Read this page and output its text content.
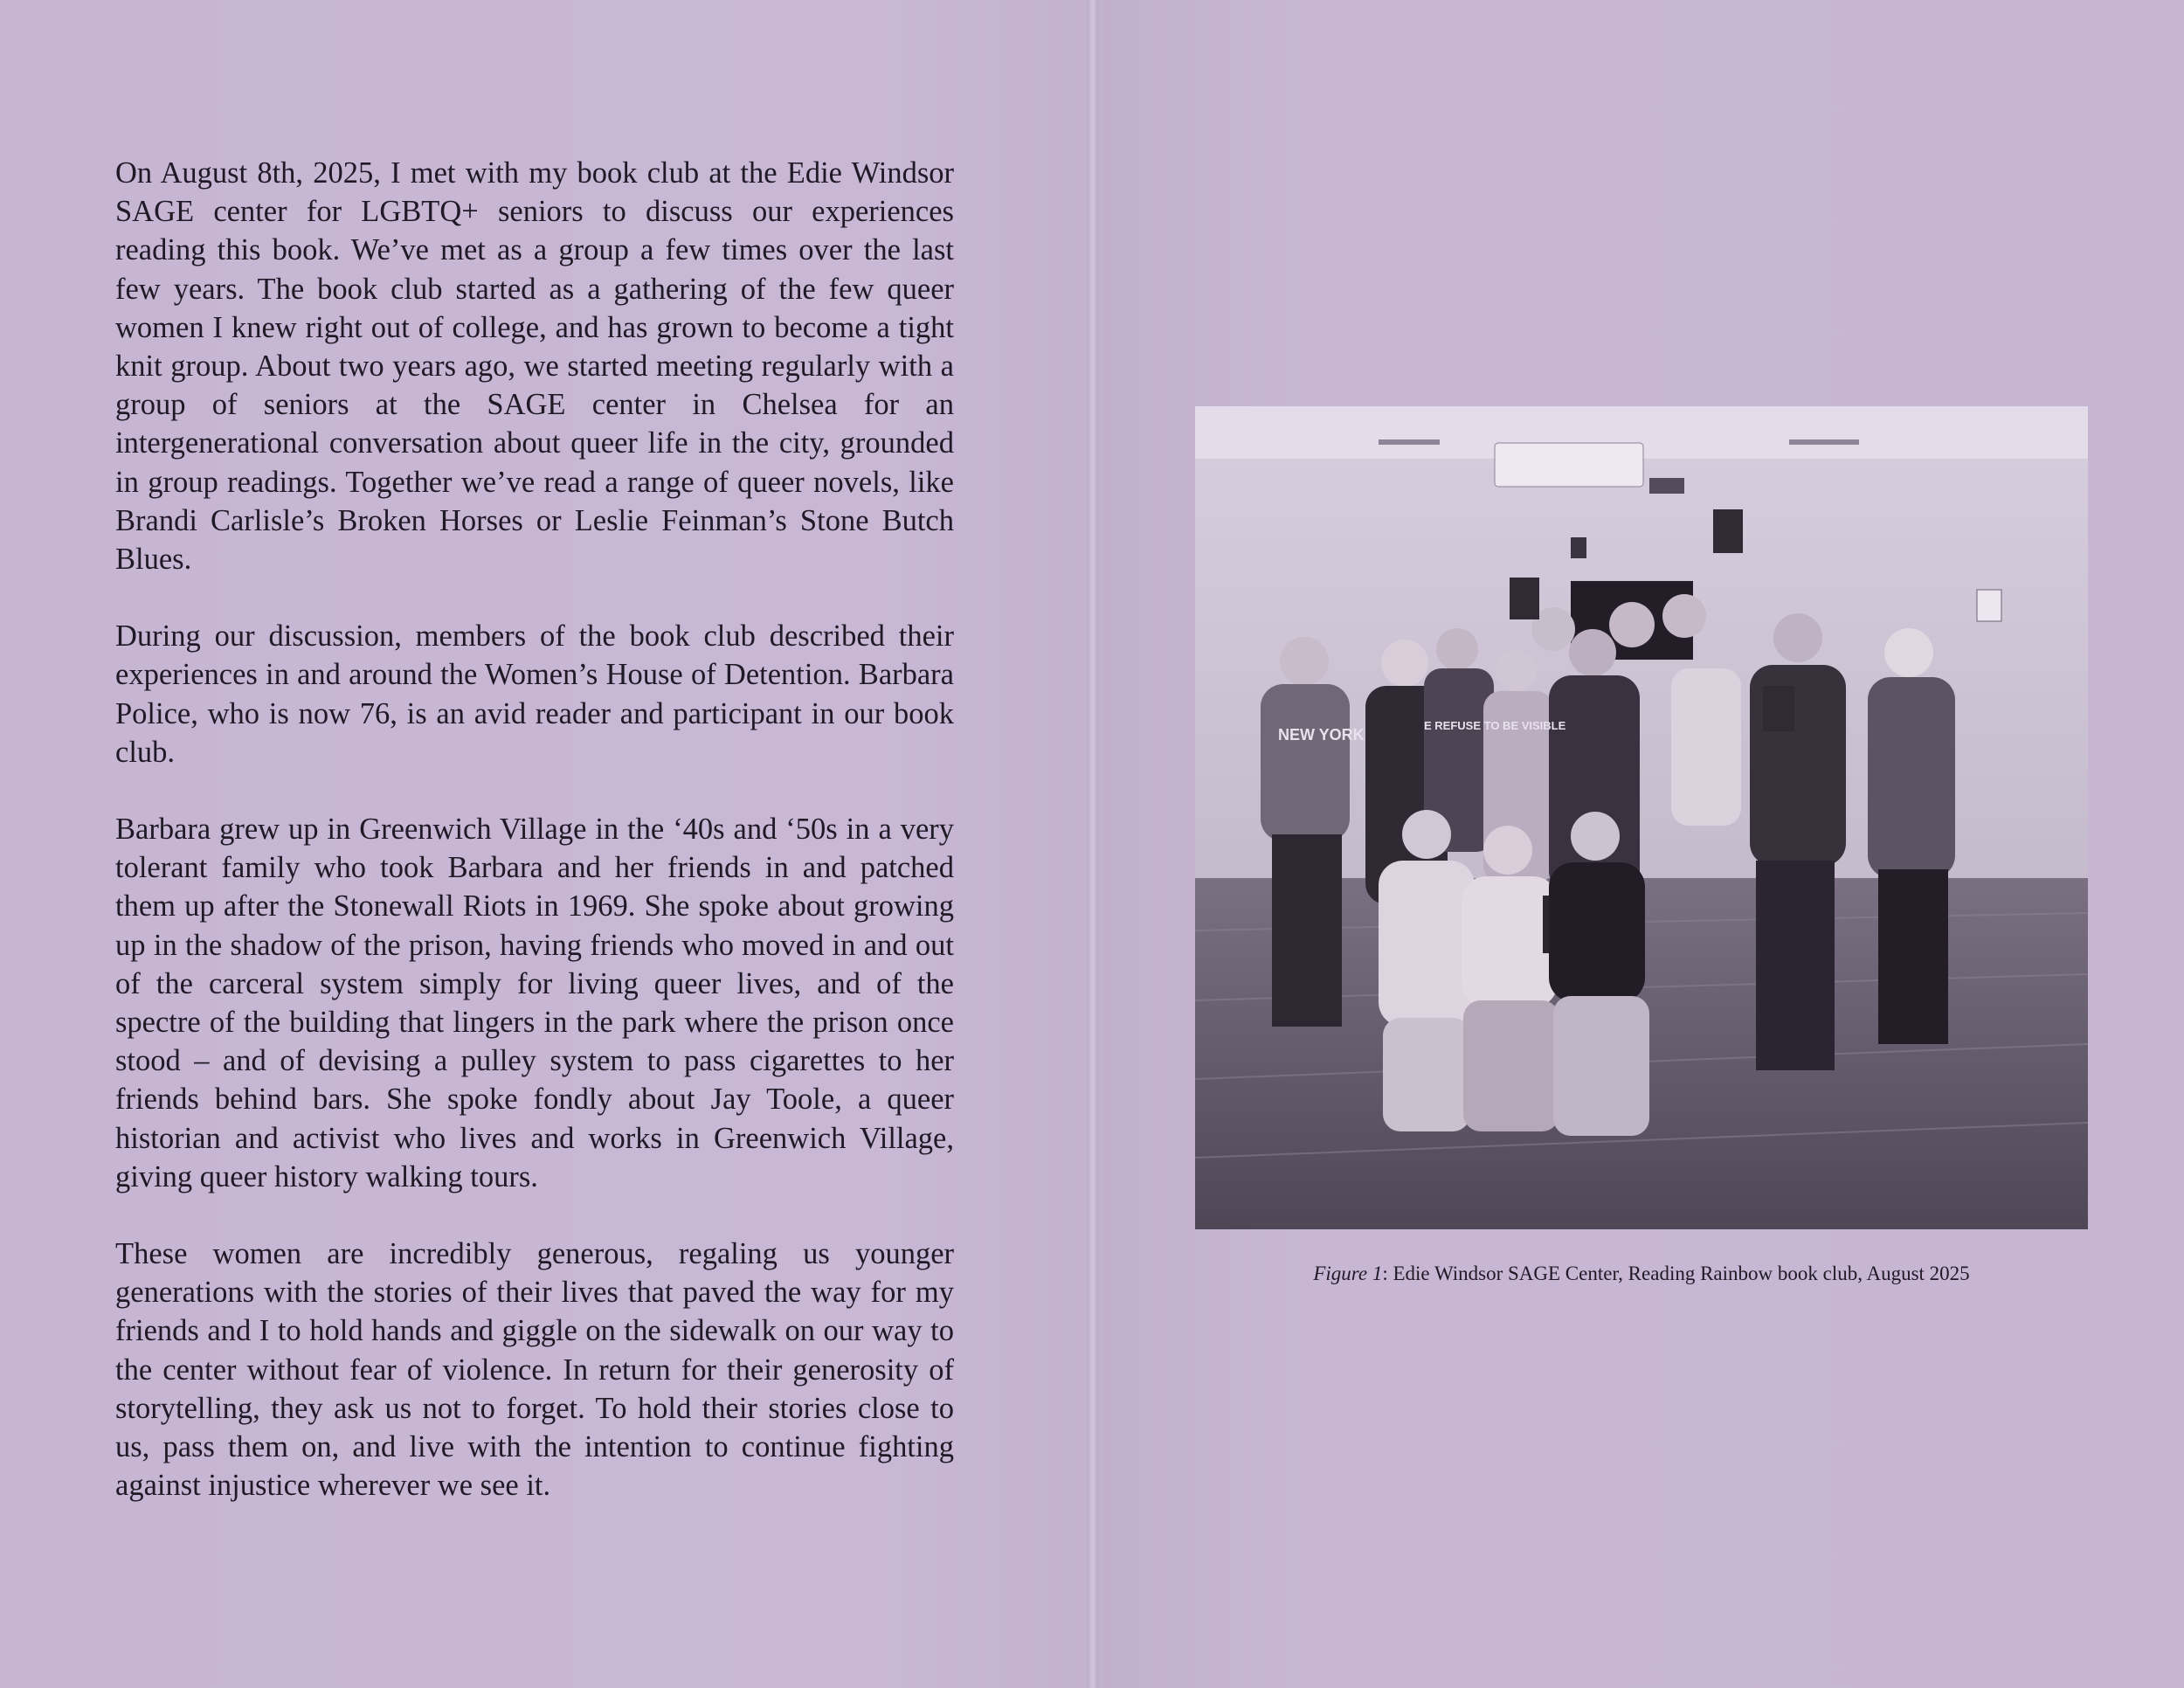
On August 8th, 2025, I met with my book club at the Edie Windsor SAGE center for LGBTQ+ seniors to discuss our experiences reading this book. We’ve met as a group a few times over the last few years. The book club started as a gathering of the few queer women I knew right out of college, and has grown to become a tight knit group. About two years ago, we started meeting regularly with a group of seniors at the SAGE center in Chelsea for an intergenerational conversation about queer life in the city, grounded in group readings. Together we’ve read a range of queer novels, like Brandi Carlisle’s Broken Horses or Leslie Feinman’s Stone Butch Blues.

During our discussion, members of the book club described their experiences in and around the Women’s House of Detention. Barbara Police, who is now 76, is an avid reader and participant in our book club.

Barbara grew up in Greenwich Village in the ‘40s and ‘50s in a very tolerant family who took Barbara and her friends in and patched them up after the Stonewall Riots in 1969. She spoke about growing up in the shadow of the prison, having friends who moved in and out of the carceral system simply for living queer lives, and of the spectre of the building that lingers in the park where the prison once stood – and of devising a pulley system to pass cigarettes to her friends behind bars. She spoke fondly about Jay Toole, a queer historian and activist who lives and works in Greenwich Village, giving queer history walking tours.

These women are incredibly generous, regaling us younger generations with the stories of their lives that paved the way for my friends and I to hold hands and giggle on the sidewalk on our way to the center without fear of violence. In return for their generosity of storytelling, they ask us not to forget. To hold their stories close to us, pass them on, and live with the intention to continue fighting against injustice wherever we see it.

NEW YORK
E REFUSE TO BE VISIBLE
Figure 1: Edie Windsor SAGE Center, Reading Rainbow book club, August 2025
